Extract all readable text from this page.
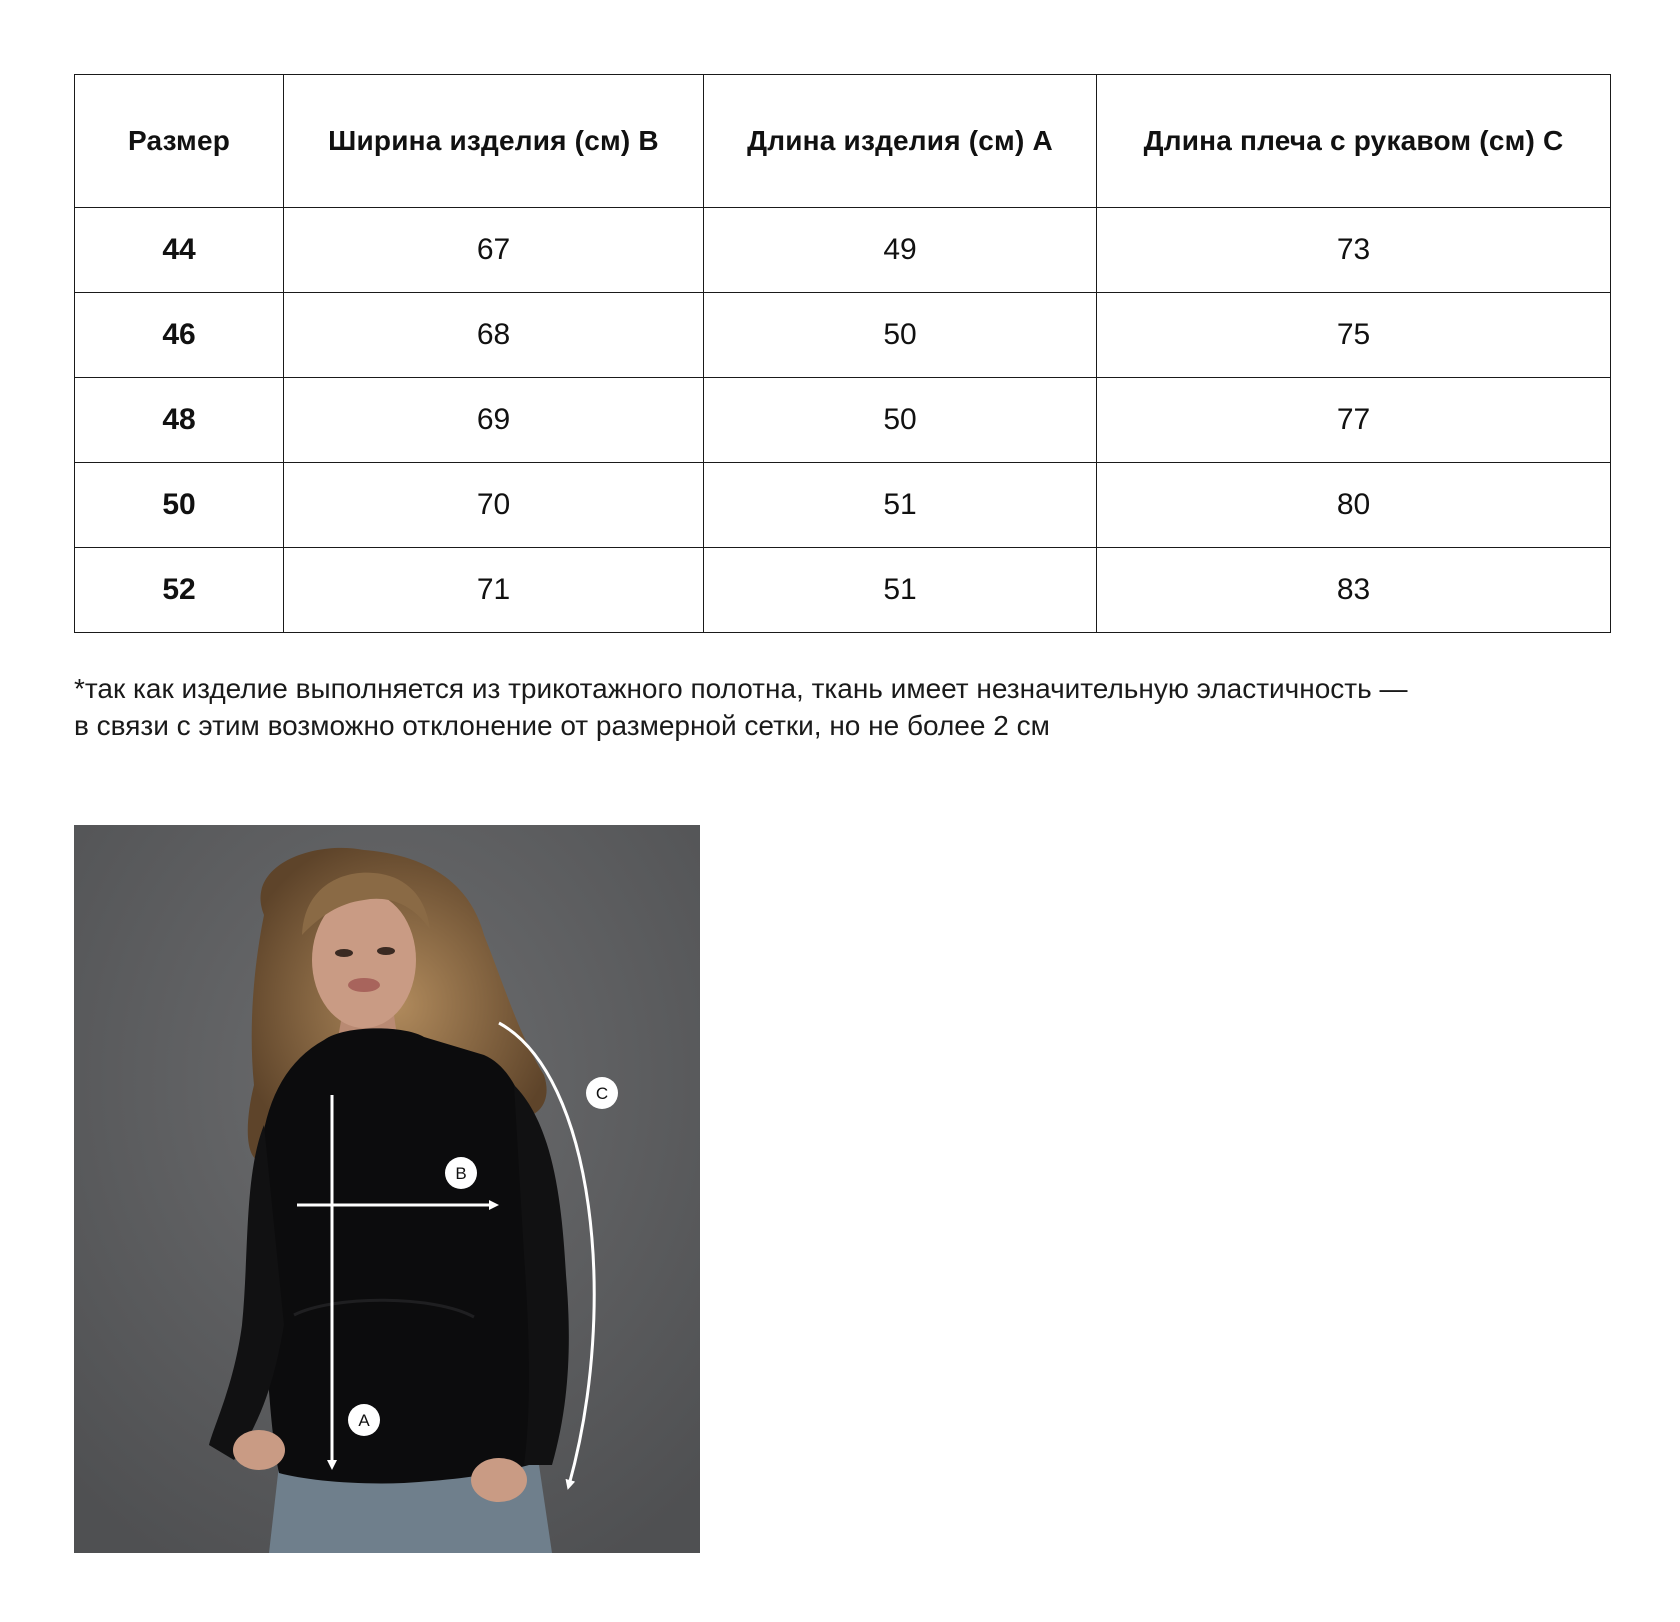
Размер	Ширина изделия (см) В	Длина изделия (см) А	Длина плеча с рукавом (см) С
44	67	49	73
46	68	50	75
48	69	50	77
50	70	51	80
52	71	51	83

*так как изделие выполняется из трикотажного полотна, ткань имеет незначительную эластичность —

в связи с этим возможно отклонение от размерной сетки, но не более 2 см

A
B
C
